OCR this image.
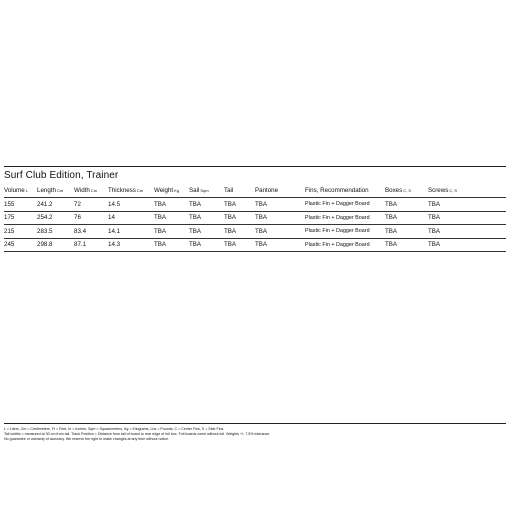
Surf Club Edition, Trainer
VolumeL	LengthCm	WidthCm	ThicknessCm	WeightKg	SailSqm	Tail	Pantone	Fins, Recommendation	BoxesC, S	ScrewsC, S
155	241.2	72	14.5	TBA	TBA	TBA	TBA	Plastic Fin + Dagger Board	TBA	TBA
175	254.2	76	14	TBA	TBA	TBA	TBA	Plastic Fin + Dagger Board	TBA	TBA
215	283.5	83.4	14.1	TBA	TBA	TBA	TBA	Plastic Fin + Dagger Board	TBA	TBA
245	298.8	87.1	14.3	TBA	TBA	TBA	TBA	Plastic Fin + Dagger Board	TBA	TBA
L = Liters, Cm = Centimeters, Ft = Feet, In = Inches, Sqm = Squaremeters, Kg = Kilograms, Lbs = Pounds, C = Center Fins, S = Side Fins.
Tail widths = measured at 30 cm from tail. Track Position = Distance from tail of board to rear edge of foil box. Foil boards come without foil. Weights +/- 7.5% tolerance.
No guarantee or warranty of accuracy. We reserve the right to make changes at any time without notice.
